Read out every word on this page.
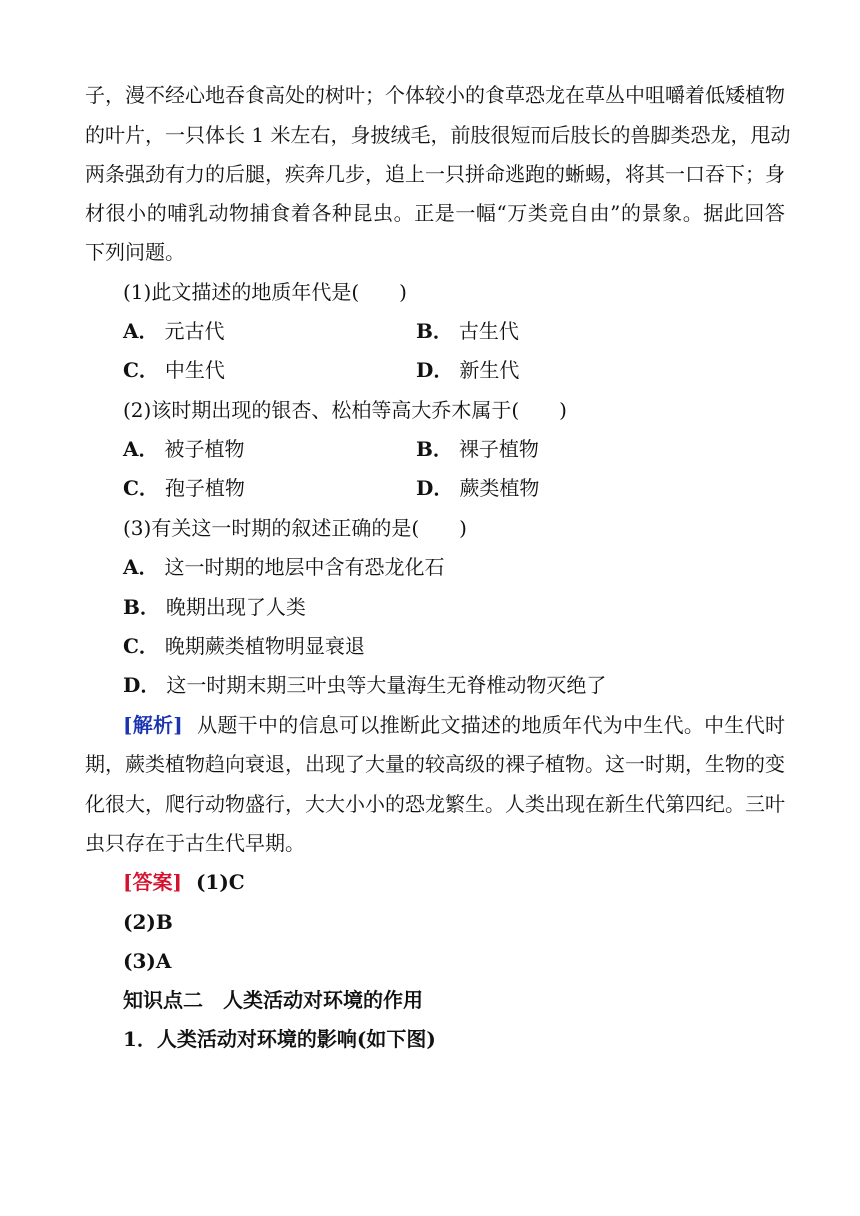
子，漫不经心地吞食高处的树叶；个体较小的食草恐龙在草丛中咀嚼着低矮植物
的叶片，一只体长 1 米左右，身披绒毛，前肢很短而后肢长的兽脚类恐龙，甩动
两条强劲有力的后腿，疾奔几步，追上一只拼命逃跑的蜥蜴，将其一口吞下；身
材很小的哺乳动物捕食着各种昆虫。正是一幅“万类竞自由”的景象。据此回答
下列问题。
(1)此文描述的地质年代是(　　)
A． 元古代	B． 古生代
C． 中生代	D． 新生代
(2)该时期出现的银杏、松柏等高大乔木属于(　　)
A． 被子植物	B． 裸子植物
C． 孢子植物	D． 蕨类植物
(3)有关这一时期的叙述正确的是(　　)
A． 这一时期的地层中含有恐龙化石
B． 晚期出现了人类
C． 晚期蕨类植物明显衰退
D． 这一时期末期三叶虫等大量海生无脊椎动物灭绝了
[解析] 从题干中的信息可以推断此文描述的地质年代为中生代。中生代时
期，蕨类植物趋向衰退，出现了大量的较高级的裸子植物。这一时期，生物的变
化很大，爬行动物盛行，大大小小的恐龙繁生。人类出现在新生代第四纪。三叶
虫只存在于古生代早期。
[答案] (1)C
(2)B
(3)A
知识点二　人类活动对环境的作用
1．人类活动对环境的影响(如下图)
